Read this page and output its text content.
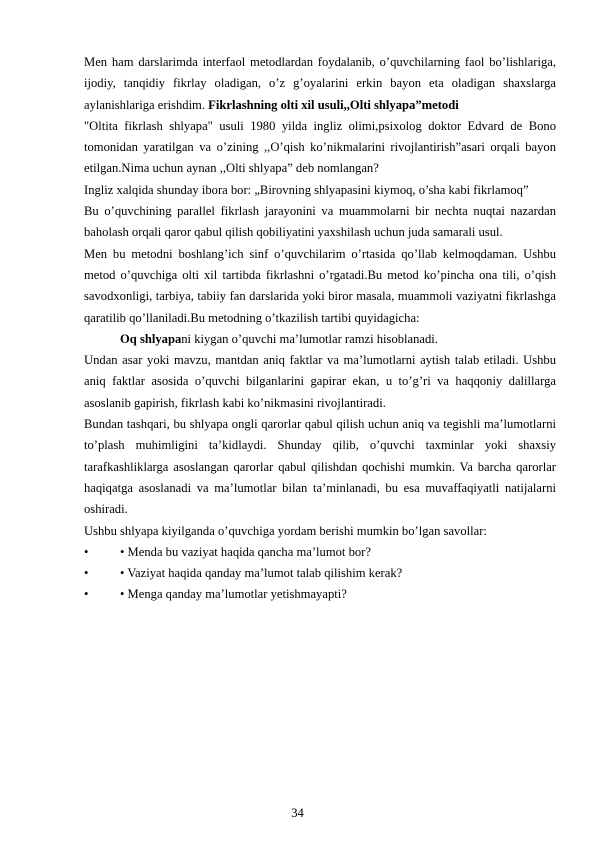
Men ham darslarimda interfaol metodlardan foydalanib, o’quvchilarning faol bo’lishlariga, ijodiy, tanqidiy fikrlay oladigan, o’z g’oyalarini erkin bayon eta oladigan shaxslarga aylanishlariga erishdim. Fikrlashning olti xil usuli,,Olti shlyapa”metodi

"Oltita fikrlash shlyapa" usuli 1980 yilda ingliz olimi,psixolog doktor Edvard de Bono tomonidan yaratilgan va o’zining ,,O’qish ko’nikmalarini rivojlantirish”asari orqali bayon etilgan.Nima uchun aynan ,,Olti shlyapa” deb nomlangan?

Ingliz xalqida shunday ibora bor: „Birovning shlyapasini kiymoq, o’sha kabi fikrlamoq”

Bu o’quvchining parallel fikrlash jarayonini va muammolarni bir nechta nuqtai nazardan baholash orqali qaror qabul qilish qobiliyatini yaxshilash uchun juda samarali usul.

Men bu metodni boshlang’ich sinf o’quvchilarim o’rtasida qo’llab kelmoqdaman. Ushbu metod o’quvchiga olti xil tartibda fikrlashni o’rgatadi.Bu metod ko’pincha ona tili, o’qish savodxonligi, tarbiya, tabiiy fan darslarida yoki biror masala, muammoli vaziyatni fikrlashga qaratilib qo’llaniladi.Bu metodning o’tkazilish tartibi quyidagicha:

Oq shlyapani kiygan o’quvchi ma’lumotlar ramzi hisoblanadi.

Undan asar yoki mavzu, mantdan aniq faktlar va ma’lumotlarni aytish talab etiladi. Ushbu aniq faktlar asosida o’quvchi bilganlarini gapirar ekan, u to’g’ri va haqqoniy dalillarga asoslanib gapirish, fikrlash kabi ko’nikmasini rivojlantiradi.

Bundan tashqari, bu shlyapa ongli qarorlar qabul qilish uchun aniq va tegishli ma’lumotlarni to’plash muhimligini ta’kidlaydi. Shunday qilib, o’quvchi taxminlar yoki shaxsiy tarafkashliklarga asoslangan qarorlar qabul qilishdan qochishi mumkin. Va barcha qarorlar haqiqatga asoslanadi va ma’lumotlar bilan ta’minlanadi, bu esa muvaffaqiyatli natijalarni oshiradi.

Ushbu shlyapa kiyilganda o’quvchiga yordam berishi mumkin bo’lgan savollar:

•	• Menda bu vaziyat haqida qancha ma’lumot bor?
•	• Vaziyat haqida qanday ma’lumot talab qilishim kerak?
•	• Menga qanday ma’lumotlar yetishmayapti?
34
